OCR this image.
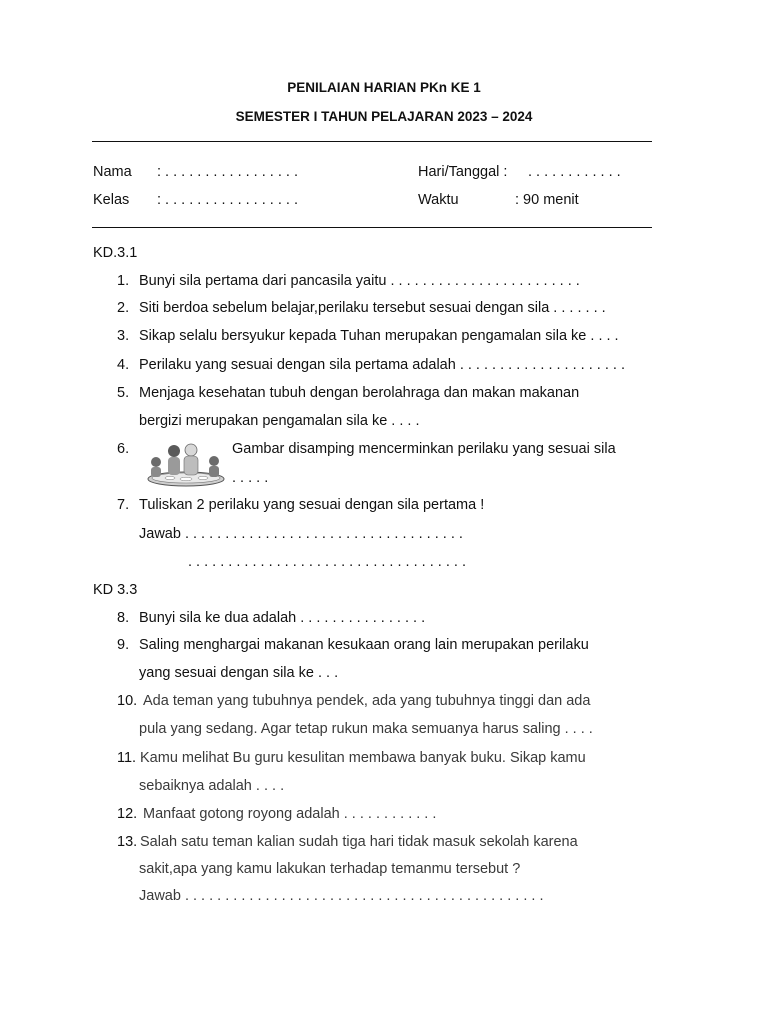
PENILAIAN HARIAN PKn KE 1
SEMESTER I TAHUN PELAJARAN 2023 – 2024
Nama : . . . . . . . . . . . . . . . . .	Hari/Tanggal : . . . . . . . . . . . .
Kelas : . . . . . . . . . . . . . . . . .	Waktu	: 90 menit
KD.3.1
1. Bunyi sila pertama dari pancasila yaitu . . . . . . . . . . . . . . . . . . . . . . . .
2. Siti berdoa sebelum belajar,perilaku tersebut sesuai dengan sila . . . . . . .
3. Sikap selalu bersyukur kepada Tuhan merupakan pengamalan sila ke . . . .
4. Perilaku yang sesuai dengan sila pertama adalah . . . . . . . . . . . . . . . . . . . . .
5. Menjaga kesehatan tubuh dengan berolahraga dan makan makanan
bergizi merupakan pengamalan sila ke . . . .
6.	Gambar disamping mencerminkan perilaku yang sesuai sila
. . . . .
7. Tuliskan 2 perilaku yang sesuai dengan sila pertama !
Jawab . . . . . . . . . . . . . . . . . . . . . . . . . . . . . . . . . . .
. . . . . . . . . . . . . . . . . . . . . . . . . . . . . . . . . . .
KD 3.3
8. Bunyi sila ke dua adalah . . . . . . . . . . . . . . . .
9. Saling menghargai makanan kesukaan orang lain merupakan perilaku
yang sesuai dengan sila ke . . .
10. Ada teman yang tubuhnya pendek, ada yang tubuhnya tinggi dan ada
pula yang sedang. Agar tetap rukun maka semuanya harus saling . . . .
11. Kamu melihat Bu guru kesulitan membawa banyak buku. Sikap kamu
sebaiknya adalah . . . .
12. Manfaat gotong royong adalah . . . . . . . . . . . .
13. Salah satu teman kalian sudah tiga hari tidak masuk sekolah karena
sakit,apa yang kamu lakukan terhadap temanmu tersebut ?
Jawab . . . . . . . . . . . . . . . . . . . . . . . . . . . . . . . . . . . . . . . . . . . . .
